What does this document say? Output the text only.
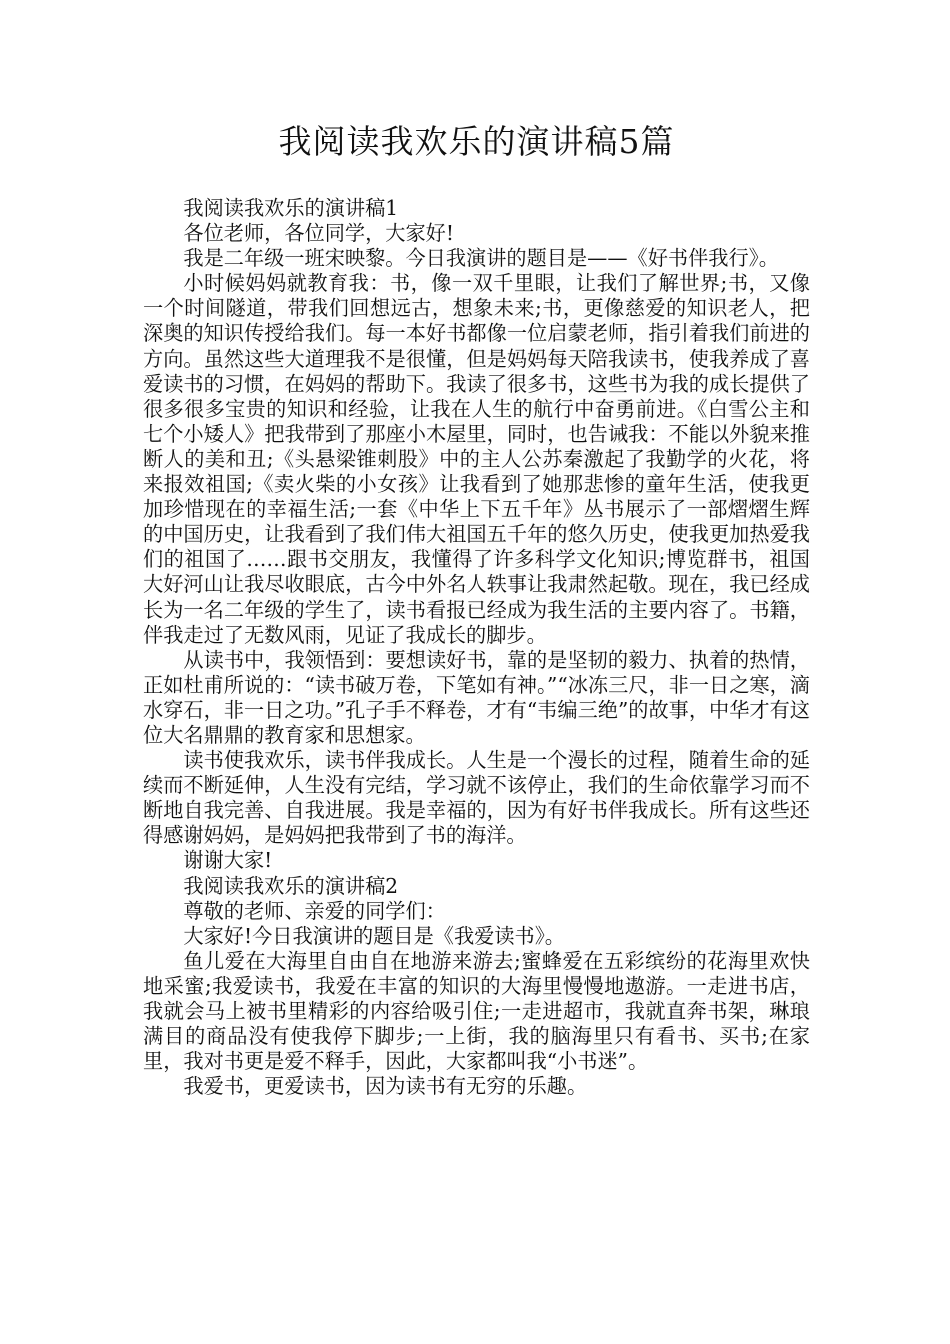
我阅读我欢乐的演讲稿5篇

我阅读我欢乐的演讲稿1

各位老师，各位同学，大家好!

我是二年级一班宋映黎。今日我演讲的题目是——《好书伴我行》。

小时候妈妈就教育我：书，像一双千里眼，让我们了解世界;书，又像一个时间隧道，带我们回想远古，想象未来;书，更像慈爱的知识老人，把深奥的知识传授给我们。每一本好书都像一位启蒙老师，指引着我们前进的方向。虽然这些大道理我不是很懂，但是妈妈每天陪我读书，使我养成了喜爱读书的习惯，在妈妈的帮助下。我读了很多书，这些书为我的成长提供了很多很多宝贵的知识和经验，让我在人生的航行中奋勇前进。《白雪公主和七个小矮人》把我带到了那座小木屋里，同时，也告诫我：不能以外貌来推断人的美和丑;《头悬梁锥刺股》中的主人公苏秦激起了我勤学的火花，将来报效祖国;《卖火柴的小女孩》让我看到了她那悲惨的童年生活，使我更加珍惜现在的幸福生活;一套《中华上下五千年》丛书展示了一部熠熠生辉的中国历史，让我看到了我们伟大祖国五千年的悠久历史，使我更加热爱我们的祖国了……跟书交朋友，我懂得了许多科学文化知识;博览群书，祖国大好河山让我尽收眼底，古今中外名人轶事让我肃然起敬。现在，我已经成长为一名二年级的学生了，读书看报已经成为我生活的主要内容了。书籍，伴我走过了无数风雨，见证了我成长的脚步。

从读书中，我领悟到：要想读好书，靠的是坚韧的毅力、执着的热情，正如杜甫所说的：“读书破万卷，下笔如有神。”“冰冻三尺，非一日之寒，滴水穿石，非一日之功。”孔子手不释卷，才有“韦编三绝”的故事，中华才有这位大名鼎鼎的教育家和思想家。

读书使我欢乐，读书伴我成长。人生是一个漫长的过程，随着生命的延续而不断延伸，人生没有完结，学习就不该停止，我们的生命依靠学习而不断地自我完善、自我进展。我是幸福的，因为有好书伴我成长。所有这些还得感谢妈妈，是妈妈把我带到了书的海洋。

谢谢大家!

我阅读我欢乐的演讲稿2

尊敬的老师、亲爱的同学们：

大家好!今日我演讲的题目是《我爱读书》。

鱼儿爱在大海里自由自在地游来游去;蜜蜂爱在五彩缤纷的花海里欢快地采蜜;我爱读书，我爱在丰富的知识的大海里慢慢地遨游。一走进书店，我就会马上被书里精彩的内容给吸引住;一走进超市，我就直奔书架，琳琅满目的商品没有使我停下脚步;一上街，我的脑海里只有看书、买书;在家里，我对书更是爱不释手，因此，大家都叫我“小书迷”。

我爱书，更爱读书，因为读书有无穷的乐趣。
